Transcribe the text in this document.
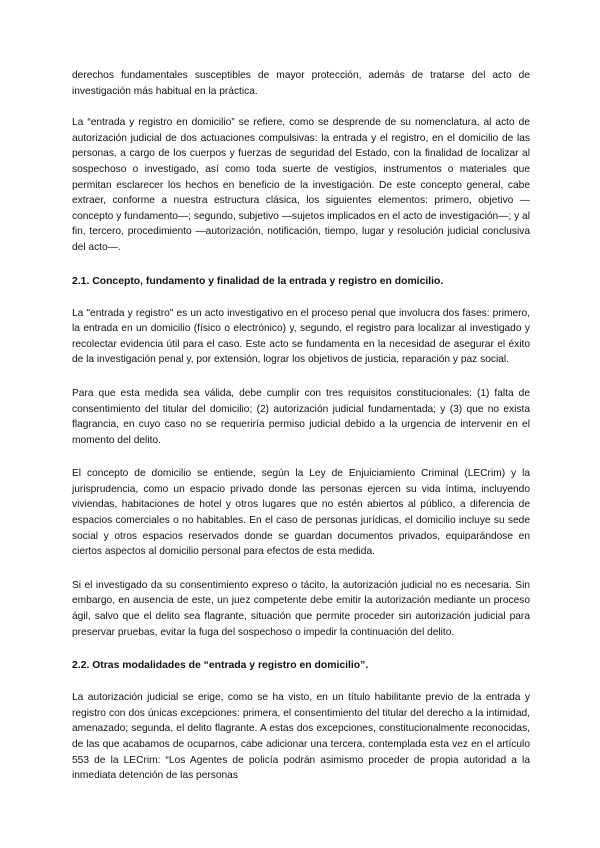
derechos fundamentales susceptibles de mayor protección, además de tratarse del acto de investigación más habitual en la práctica.

La “entrada y registro en domicilio” se refiere, como se desprende de su nomenclatura, al acto de autorización judicial de dos actuaciones compulsivas: la entrada y el registro, en el domicilio de las personas, a cargo de los cuerpos y fuerzas de seguridad del Estado, con la finalidad de localizar al sospechoso o investigado, así como toda suerte de vestigios, instrumentos o materiales que permitan esclarecer los hechos en beneficio de la investigación. De este concepto general, cabe extraer, conforme a nuestra estructura clásica, los siguientes elementos: primero, objetivo —concepto y fundamento—; segundo, subjetivo —sujetos implicados en el acto de investigación—; y al fin, tercero, procedimiento —autorización, notificación, tiempo, lugar y resolución judicial conclusiva del acto—.

2.1. Concepto, fundamento y finalidad de la entrada y registro en domicilio.

La "entrada y registro" es un acto investigativo en el proceso penal que involucra dos fases: primero, la entrada en un domicilio (físico o electrónico) y, segundo, el registro para localizar al investigado y recolectar evidencia útil para el caso. Este acto se fundamenta en la necesidad de asegurar el éxito de la investigación penal y, por extensión, lograr los objetivos de justicia, reparación y paz social.

Para que esta medida sea válida, debe cumplir con tres requisitos constitucionales: (1) falta de consentimiento del titular del domicilio; (2) autorización judicial fundamentada; y (3) que no exista flagrancia, en cuyo caso no se requeriría permiso judicial debido a la urgencia de intervenir en el momento del delito.

El concepto de domicilio se entiende, según la Ley de Enjuiciamiento Criminal (LECrim) y la jurisprudencia, como un espacio privado donde las personas ejercen su vida íntima, incluyendo viviendas, habitaciones de hotel y otros lugares que no estén abiertos al público, a diferencia de espacios comerciales o no habitables. En el caso de personas jurídicas, el domicilio incluye su sede social y otros espacios reservados donde se guardan documentos privados, equiparándose en ciertos aspectos al domicilio personal para efectos de esta medida.

Si el investigado da su consentimiento expreso o tácito, la autorización judicial no es necesaria. Sin embargo, en ausencia de este, un juez competente debe emitir la autorización mediante un proceso ágil, salvo que el delito sea flagrante, situación que permite proceder sin autorización judicial para preservar pruebas, evitar la fuga del sospechoso o impedir la continuación del delito.

2.2. Otras modalidades de “entrada y registro en domicilio”.

La autorización judicial se erige, como se ha visto, en un título habilitante previo de la entrada y registro con dos únicas excepciones: primera, el consentimiento del titular del derecho a la intimidad, amenazado; segunda, el delito flagrante. A estas dos excepciones, constitucionalmente reconocidas, de las que acabamos de ocuparnos, cabe adicionar una tercera, contemplada esta vez en el artículo 553 de la LECrim: “Los Agentes de policía podrán asimismo proceder de propia autoridad a la inmediata detención de las personas
